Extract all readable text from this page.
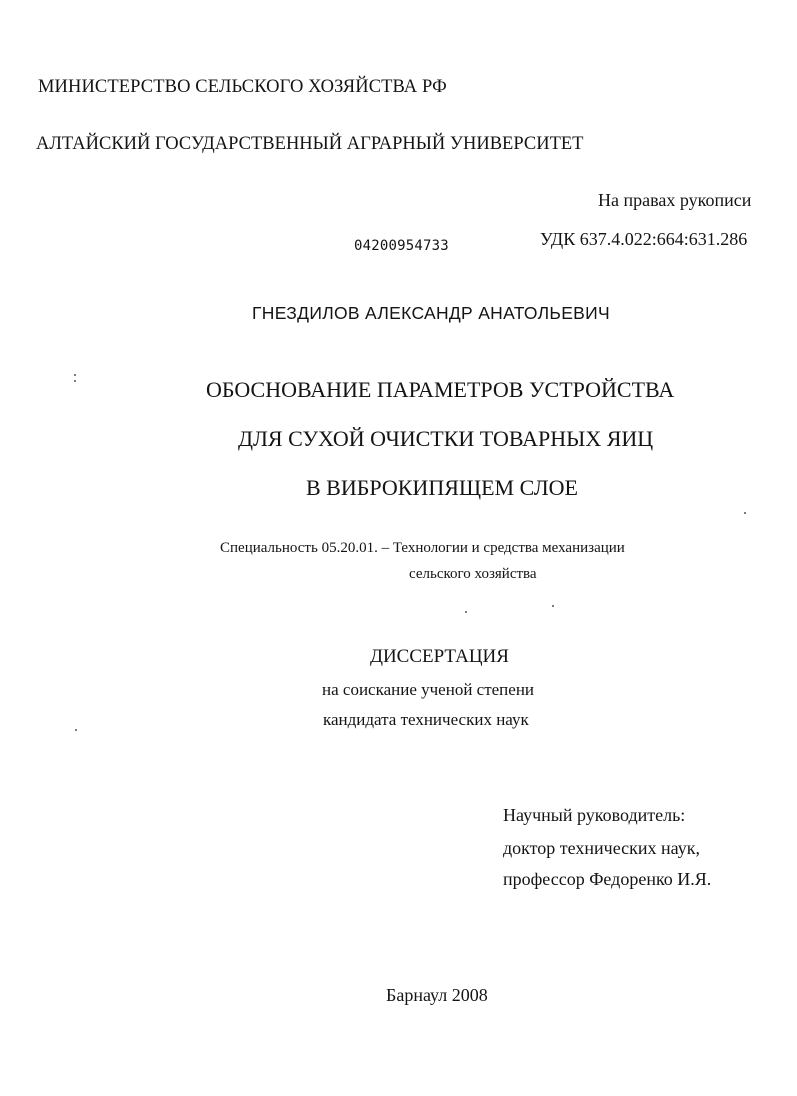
МИНИСТЕРСТВО СЕЛЬСКОГО ХОЗЯЙСТВА РФ
АЛТАЙСКИЙ ГОСУДАРСТВЕННЫЙ АГРАРНЫЙ УНИВЕРСИТЕТ
На правах рукописи
УДК 637.4.022:664:631.286
04200954733
ГНЕЗДИЛОВ АЛЕКСАНДР АНАТОЛЬЕВИЧ
ОБОСНОВАНИЕ ПАРАМЕТРОВ УСТРОЙСТВА
ДЛЯ СУХОЙ ОЧИСТКИ ТОВАРНЫХ ЯИЦ
В ВИБРОКИПЯЩЕМ СЛОЕ
Специальность 05.20.01. – Технологии и средства механизации
сельского хозяйства
ДИССЕРТАЦИЯ
на соискание ученой степени
кандидата технических наук
Научный руководитель:
доктор технических наук,
профессор Федоренко И.Я.
Барнаул 2008
